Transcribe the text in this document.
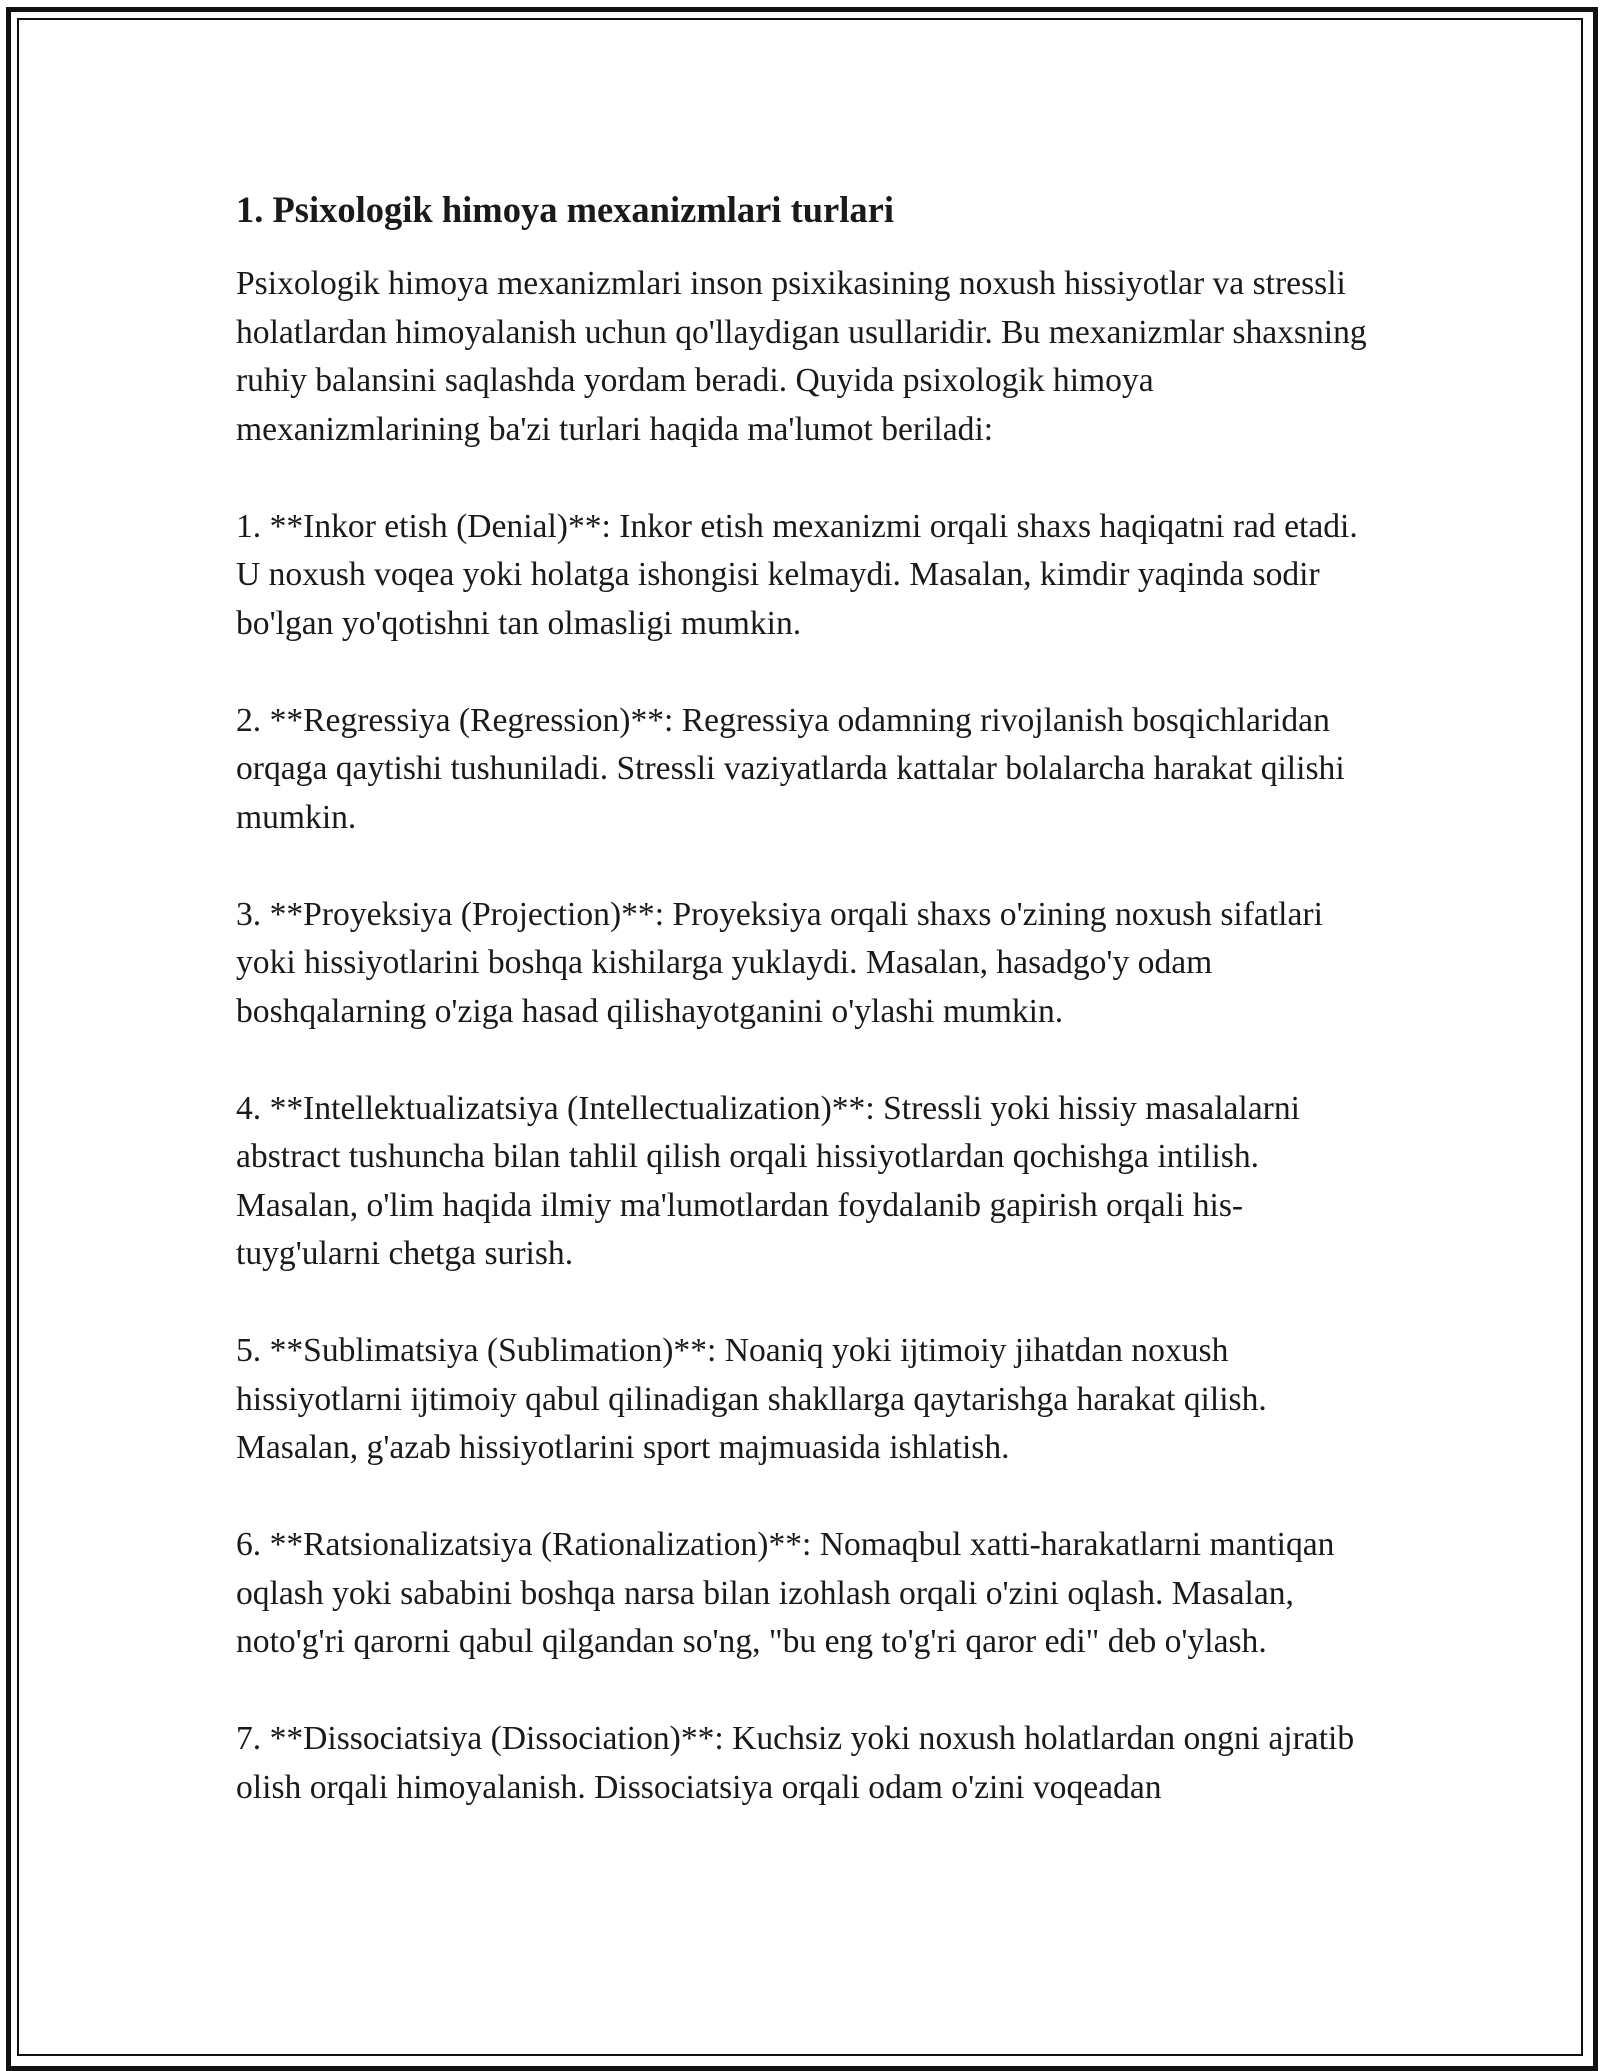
1. Psixologik himoya mexanizmlari turlari

Psixologik himoya mexanizmlari inson psixikasining noxush hissiyotlar va stressli holatlardan himoyalanish uchun qo'llaydigan usullaridir. Bu mexanizmlar shaxsning ruhiy balansini saqlashda yordam beradi. Quyida psixologik himoya mexanizmlarining ba'zi turlari haqida ma'lumot beriladi:

1. **Inkor etish (Denial)**: Inkor etish mexanizmi orqali shaxs haqiqatni rad etadi. U noxush voqea yoki holatga ishongisi kelmaydi. Masalan, kimdir yaqinda sodir bo'lgan yo'qotishni tan olmasligi mumkin.

2. **Regressiya (Regression)**: Regressiya odamning rivojlanish bosqichlaridan orqaga qaytishi tushuniladi. Stressli vaziyatlarda kattalar bolalarcha harakat qilishi mumkin.

3. **Proyeksiya (Projection)**: Proyeksiya orqali shaxs o'zining noxush sifatlari yoki hissiyotlarini boshqa kishilarga yuklaydi. Masalan, hasadgo'y odam boshqalarning o'ziga hasad qilishayotganini o'ylashi mumkin.

4. **Intellektualizatsiya (Intellectualization)**: Stressli yoki hissiy masalalarni abstract tushuncha bilan tahlil qilish orqali hissiyotlardan qochishga intilish. Masalan, o'lim haqida ilmiy ma'lumotlardan foydalanib gapirish orqali his-tuyg'ularni chetga surish.

5. **Sublimatsiya (Sublimation)**: Noaniq yoki ijtimoiy jihatdan noxush hissiyotlarni ijtimoiy qabul qilinadigan shakllarga qaytarishga harakat qilish. Masalan, g'azab hissiyotlarini sport majmuasida ishlatish.

6. **Ratsionalizatsiya (Rationalization)**: Nomaqbul xatti-harakatlarni mantiqan oqlash yoki sababini boshqa narsa bilan izohlash orqali o'zini oqlash. Masalan, noto'g'ri qarorni qabul qilgandan so'ng, "bu eng to'g'ri qaror edi" deb o'ylash.

7. **Dissociatsiya (Dissociation)**: Kuchsiz yoki noxush holatlardan ongni ajratib olish orqali himoyalanish. Dissociatsiya orqali odam o'zini voqeadan
